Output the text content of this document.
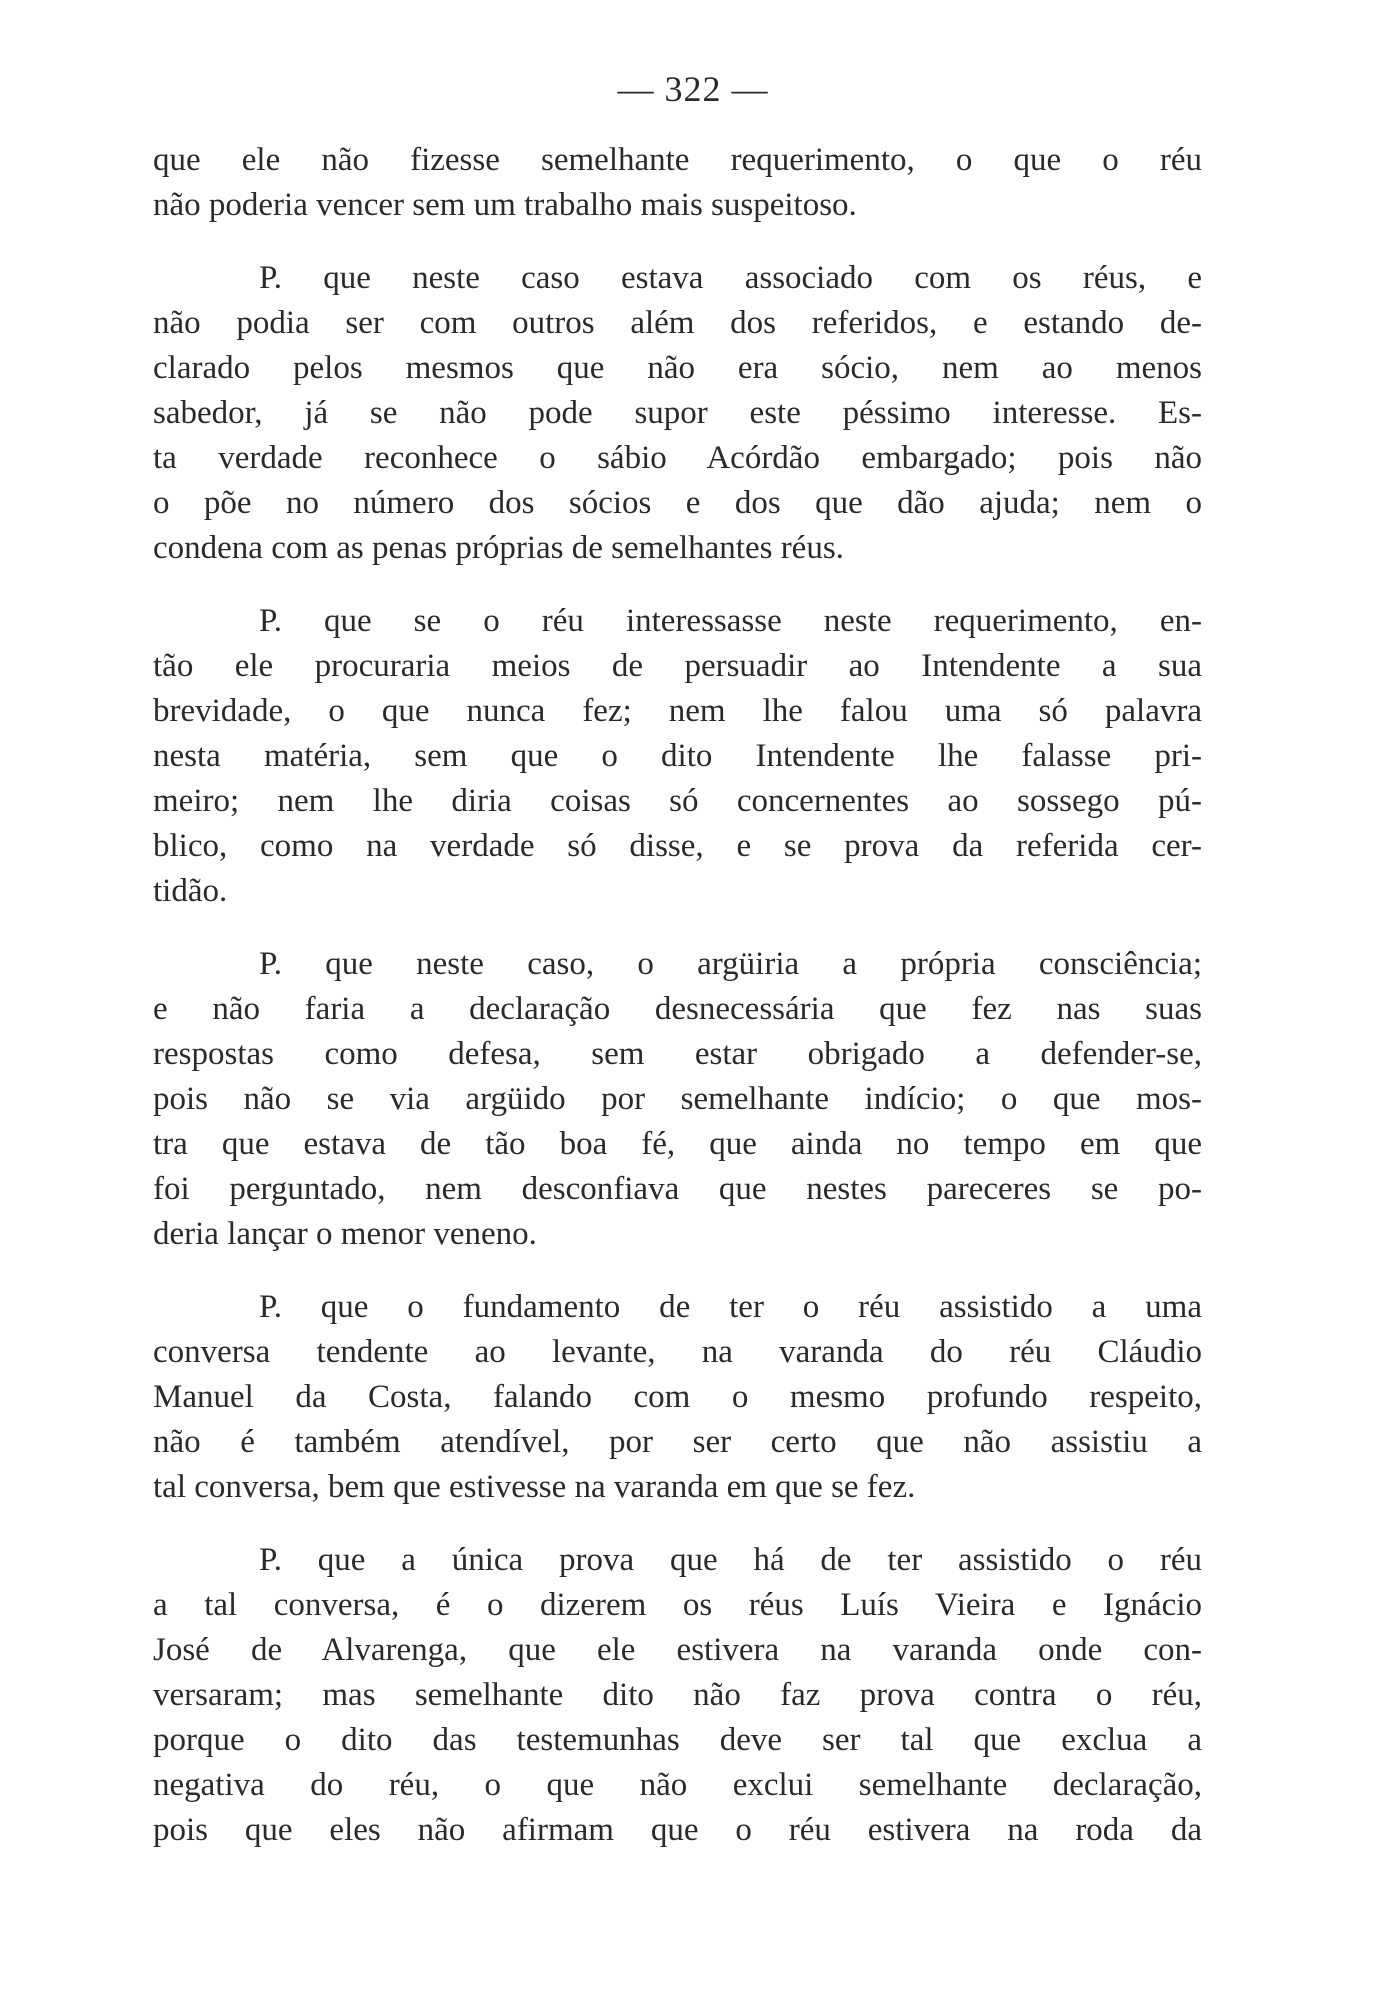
— 322 —
que ele não fizesse semelhante requerimento, o que o réu
não poderia vencer sem um trabalho mais suspeitoso.
P. que neste caso estava associado com os réus, e
não podia ser com outros além dos referidos, e estando de-
clarado pelos mesmos que não era sócio, nem ao menos
sabedor, já se não pode supor este péssimo interesse. Es-
ta verdade reconhece o sábio Acórdão embargado; pois não
o põe no número dos sócios e dos que dão ajuda; nem o
condena com as penas próprias de semelhantes réus.
P. que se o réu interessasse neste requerimento, en-
tão ele procuraria meios de persuadir ao Intendente a sua
brevidade, o que nunca fez; nem lhe falou uma só palavra
nesta matéria, sem que o dito Intendente lhe falasse pri-
meiro; nem lhe diria coisas só concernentes ao sossego pú-
blico, como na verdade só disse, e se prova da referida cer-
tidão.
P. que neste caso, o argüiria a própria consciência;
e não faria a declaração desnecessária que fez nas suas
respostas como defesa, sem estar obrigado a defender-se,
pois não se via argüido por semelhante indício; o que mos-
tra que estava de tão boa fé, que ainda no tempo em que
foi perguntado, nem desconfiava que nestes pareceres se po-
deria lançar o menor veneno.
P. que o fundamento de ter o réu assistido a uma
conversa tendente ao levante, na varanda do réu Cláudio
Manuel da Costa, falando com o mesmo profundo respeito,
não é também atendível, por ser certo que não assistiu a
tal conversa, bem que estivesse na varanda em que se fez.
P. que a única prova que há de ter assistido o réu
a tal conversa, é o dizerem os réus Luís Vieira e Ignácio
José de Alvarenga, que ele estivera na varanda onde con-
versaram; mas semelhante dito não faz prova contra o réu,
porque o dito das testemunhas deve ser tal que exclua a
negativa do réu, o que não exclui semelhante declaração,
pois que eles não afirmam que o réu estivera na roda da
